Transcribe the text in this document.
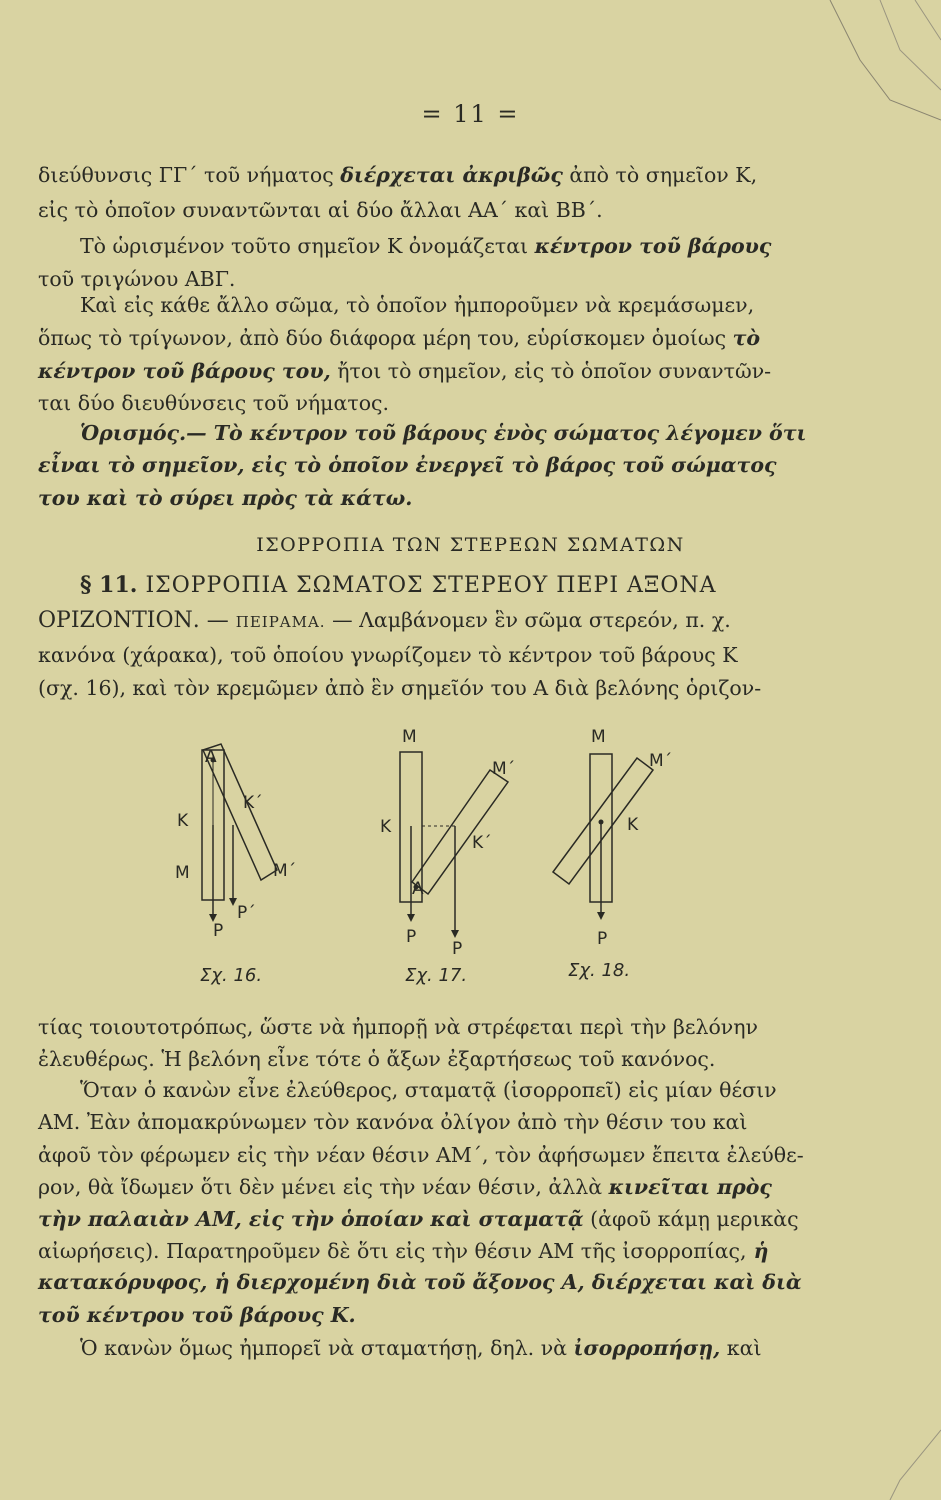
= 11 =
διεύθυνσις ΓΓ΄ τοῦ νήματος διέρχεται ἀκριβῶς ἀπὸ τὸ σημεῖον Κ,
εἰς τὸ ὁποῖον συναντῶνται αἱ δύο ἄλλαι ΑΑ΄ καὶ ΒΒ΄.
Τὸ ὡρισμένον τοῦτο σημεῖον Κ ὀνομάζεται κέντρον τοῦ βάρους
τοῦ τριγώνου ΑΒΓ.
Καὶ εἰς κάθε ἄλλο σῶμα, τὸ ὁποῖον ἠμποροῦμεν νὰ κρεμάσωμεν,
ὅπως τὸ τρίγωνον, ἀπὸ δύο διάφορα μέρη του, εὑρίσκομεν ὁμοίως τὸ
κέντρον τοῦ βάρους του, ἤτοι τὸ σημεῖον, εἰς τὸ ὁποῖον συναντῶν-
ται δύο διευθύνσεις τοῦ νήματος.
Ὁρισμός.— Τὸ κέντρον τοῦ βάρους ἑνὸς σώματος λέγομεν ὅτι
εἶναι τὸ σημεῖον, εἰς τὸ ὁποῖον ἐνεργεῖ τὸ βάρος τοῦ σώματος
του καὶ τὸ σύρει πρὸς τὰ κάτω.
ΙΣΟΡΡΟΠΙΑ ΤΩΝ ΣΤΕΡΕΩΝ ΣΩΜΑΤΩΝ
§ 11. ΙΣΟΡΡΟΠΙΑ ΣΩΜΑΤΟΣ ΣΤΕΡΕΟΥ ΠΕΡΙ ΑΞΟΝΑ
ΟΡΙΖΟΝΤΙΟΝ. — ΠΕΙΡΑΜΑ. — Λαμβάνομεν ἓν σῶμα στερεόν, π. χ.
κανόνα (χάρακα), τοῦ ὁποίου γνωρίζομεν τὸ κέντρον τοῦ βάρους Κ
(σχ. 16), καὶ τὸν κρεμῶμεν ἀπὸ ἓν σημεῖόν του Α διὰ βελόνης ὁριζον-
A
K΄
K
M	M΄
P΄
P
Σχ. 16.
M
M΄
K
K΄
A
P
P
Σχ. 17.
M
M΄
K
P
Σχ. 18.
τίας τοιουτοτρόπως, ὥστε νὰ ἠμπορῇ νὰ στρέφεται περὶ τὴν βελόνην
ἐλευθέρως. Ἡ βελόνη εἶνε τότε ὁ ἄξων ἐξαρτήσεως τοῦ κανόνος.
Ὅταν ὁ κανὼν εἶνε ἐλεύθερος, σταματᾷ (ἰσορροπεῖ) εἰς μίαν θέσιν
ΑΜ. Ἐὰν ἀπομακρύνωμεν τὸν κανόνα ὀλίγον ἀπὸ τὴν θέσιν του καὶ
ἀφοῦ τὸν φέρωμεν εἰς τὴν νέαν θέσιν ΑΜ΄, τὸν ἀφήσωμεν ἔπειτα ἐλεύθε-
ρον, θὰ ἴδωμεν ὅτι δὲν μένει εἰς τὴν νέαν θέσιν, ἀλλὰ κινεῖται πρὸς
τὴν παλαιὰν ΑΜ, εἰς τὴν ὁποίαν καὶ σταματᾷ (ἀφοῦ κάμῃ μερικὰς
αἰωρήσεις). Παρατηροῦμεν δὲ ὅτι εἰς τὴν θέσιν ΑΜ τῆς ἰσορροπίας, ἡ
κατακόρυφος, ἡ διερχομένη διὰ τοῦ ἄξονος Α, διέρχεται καὶ διὰ
τοῦ κέντρου τοῦ βάρους Κ.
Ὁ κανὼν ὅμως ἠμπορεῖ νὰ σταματήσῃ, δηλ. νὰ ἰσορροπήσῃ, καὶ
